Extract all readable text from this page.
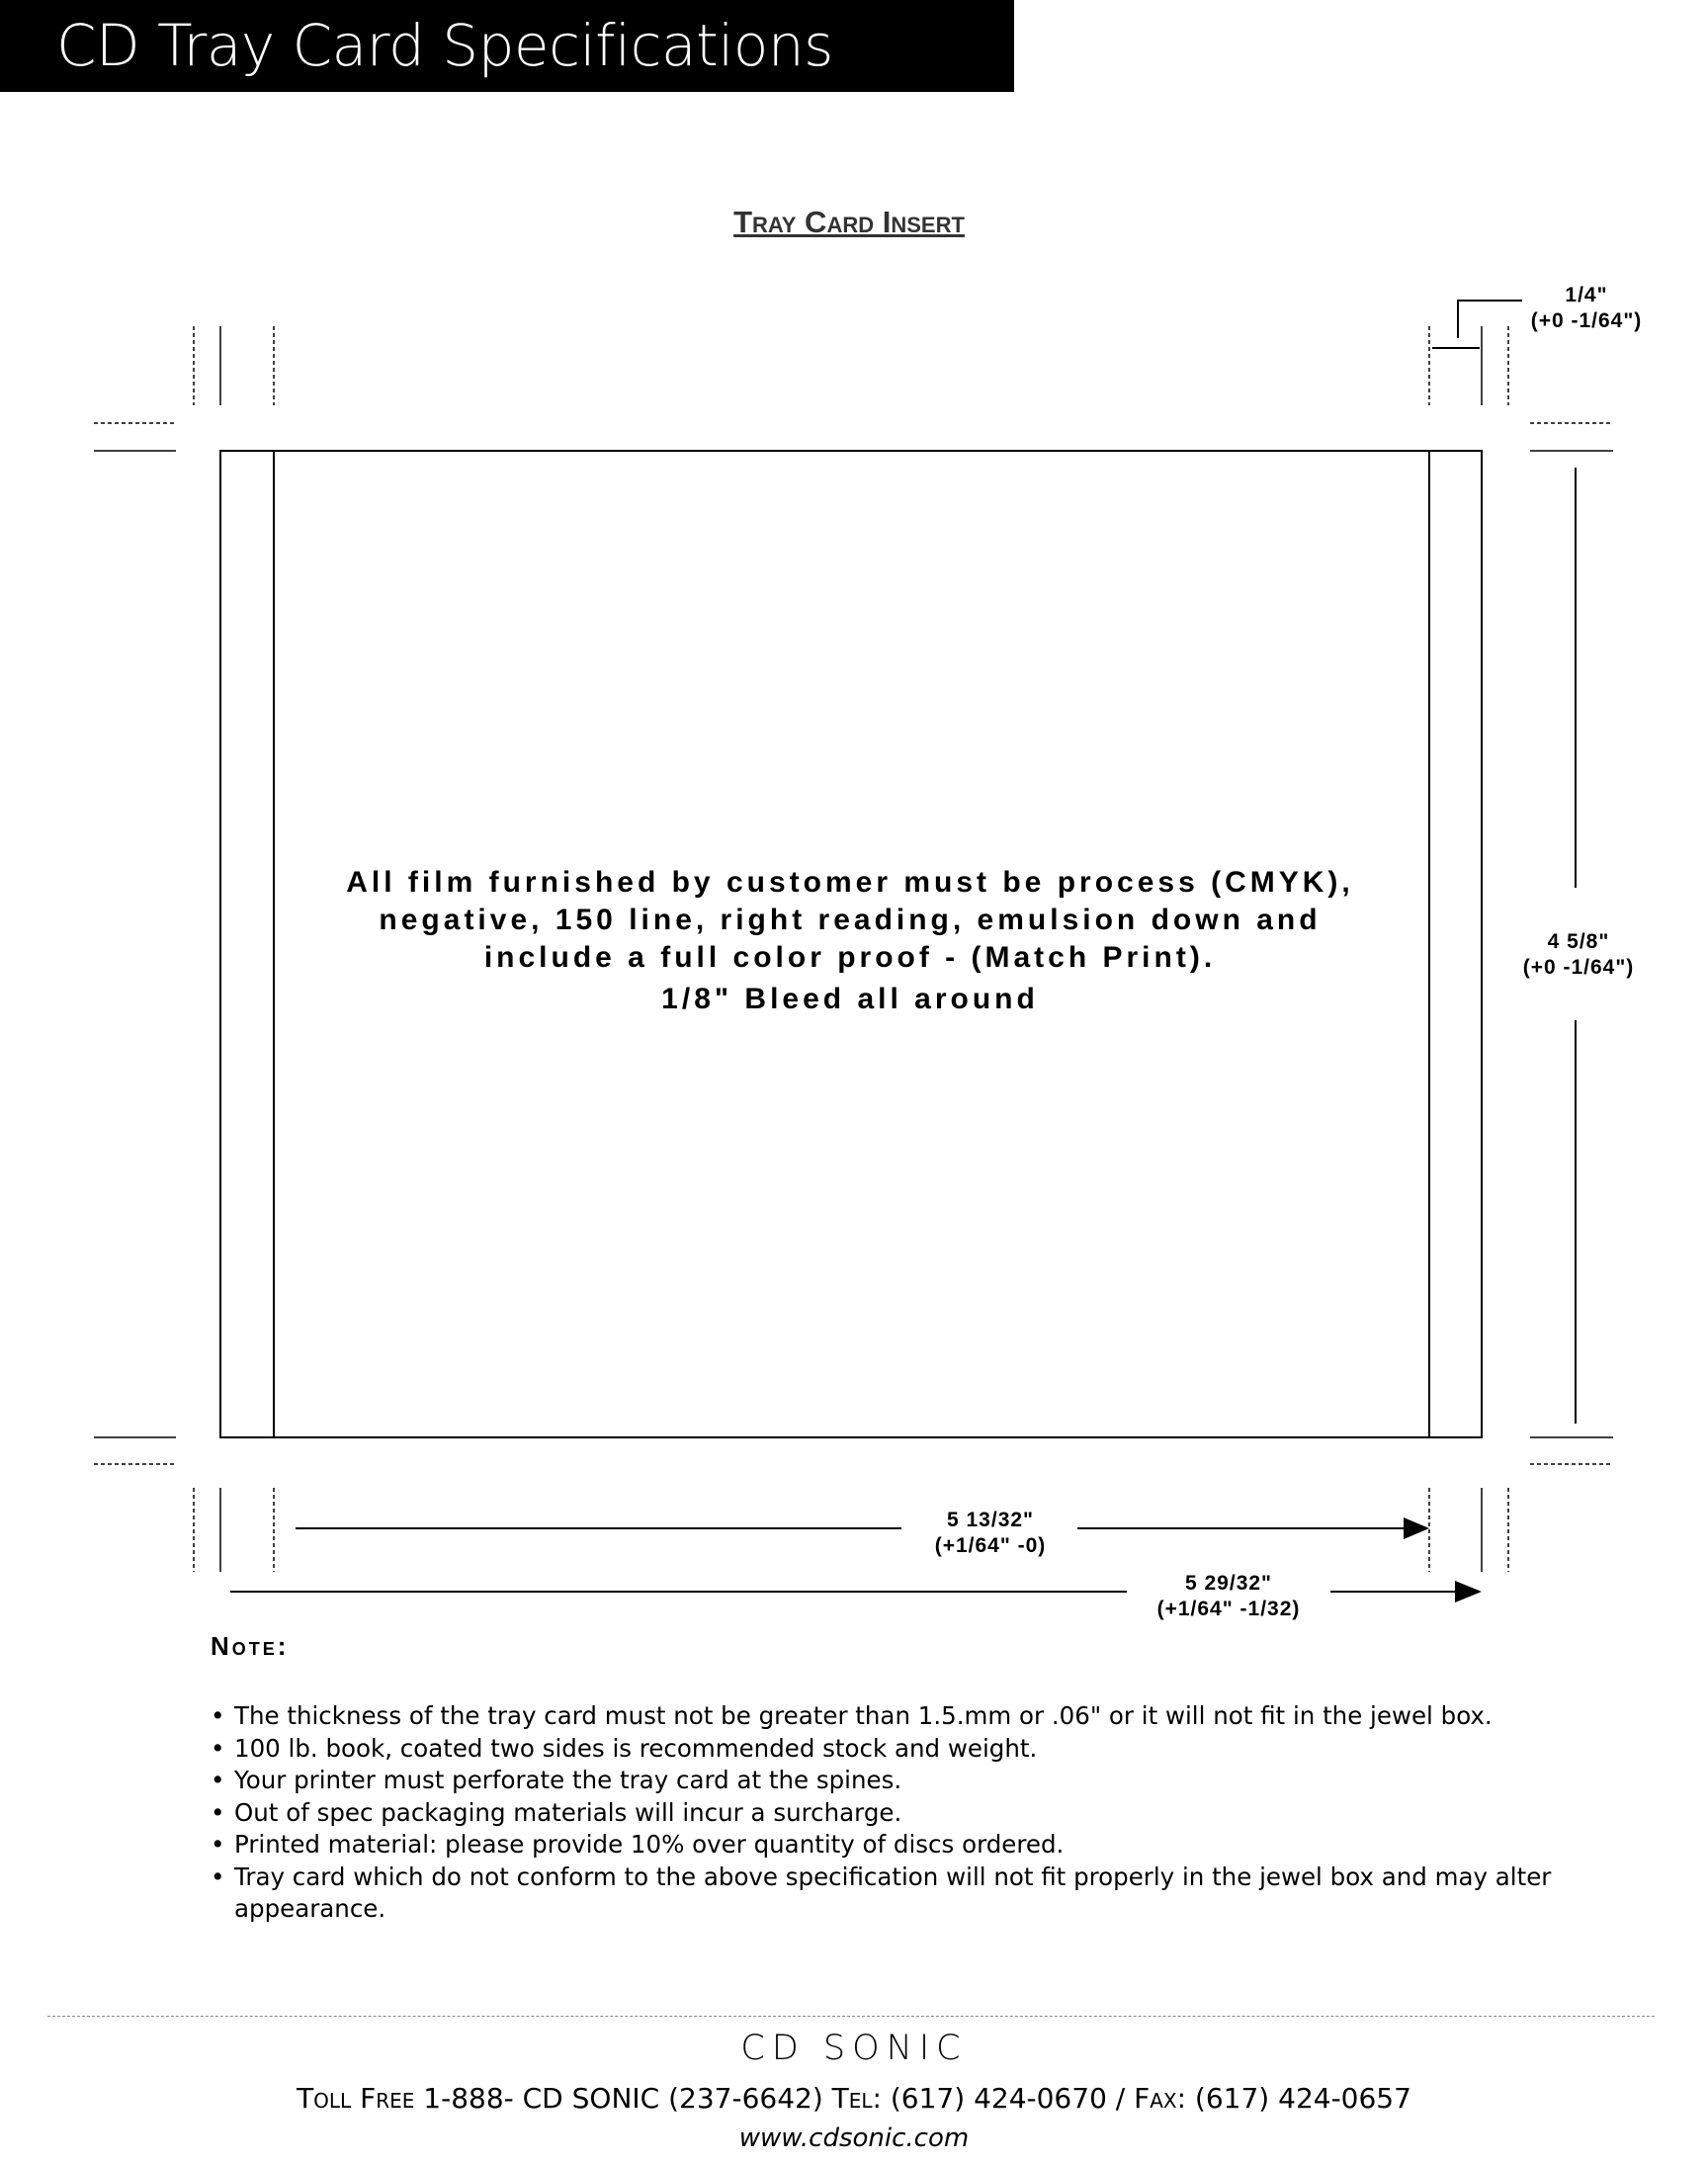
CD Tray Card Specifications
Tray Card Insert
1/4"
(+0 -1/64")
4 5/8"
(+0 -1/64")
5 13/32"
(+1/64" -0)
5 29/32"
(+1/64" -1/32)
All film furnished by customer must be process (CMYK),
negative, 150 line, right reading, emulsion down and
include a full color proof - (Match Print).
1/8" Bleed all around
Note:
• The thickness of the tray card must not be greater than 1.5.mm or .06" or it will not fit in the jewel box.
• 100 lb. book, coated two sides is recommended stock and weight.
• Your printer must perforate the tray card at the spines.
• Out of spec packaging materials will incur a surcharge.
• Printed material: please provide 10% over quantity of discs ordered.
• Tray card which do not conform to the above specification will not fit properly in the jewel box and may alter appearance.
CD SONIC
Toll Free 1-888- CD SONIC (237-6642) Tel: (617) 424-0670 / Fax: (617) 424-0657
www.cdsonic.com
